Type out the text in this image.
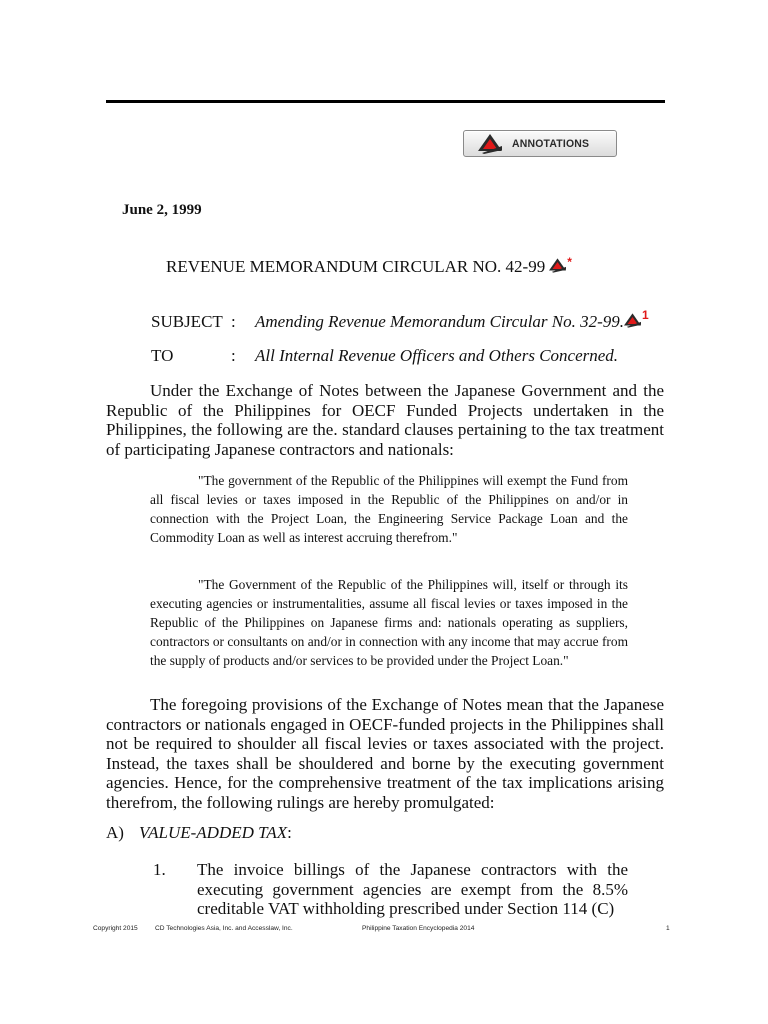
ANNOTATIONS
June 2, 1999
REVENUE MEMORANDUM CIRCULAR NO. 42-99 *
SUBJECT : Amending Revenue Memorandum Circular No. 32-99. 1
TO	: All Internal Revenue Officers and Others Concerned.

Under the Exchange of Notes between the Japanese Government and the Republic of the Philippines for OECF Funded Projects undertaken in the Philippines, the following are the. standard clauses pertaining to the tax treatment of participating Japanese contractors and nationals:

"The government of the Republic of the Philippines will exempt the Fund from all fiscal levies or taxes imposed in the Republic of the Philippines on and/or in connection with the Project Loan, the Engineering Service Package Loan and the Commodity Loan as well as interest accruing therefrom."

"The Government of the Republic of the Philippines will, itself or through its executing agencies or instrumentalities, assume all fiscal levies or taxes imposed in the Republic of the Philippines on Japanese firms and: nationals operating as suppliers, contractors or consultants on and/or in connection with any income that may accrue from the supply of products and/or services to be provided under the Project Loan."

The foregoing provisions of the Exchange of Notes mean that the Japanese contractors or nationals engaged in OECF-funded projects in the Philippines shall not be required to shoulder all fiscal levies or taxes associated with the project. Instead, the taxes shall be shouldered and borne by the executing government agencies. Hence, for the comprehensive treatment of the tax implications arising therefrom, the following rulings are hereby promulgated:

A) VALUE-ADDED TAX:
1. The invoice billings of the Japanese contractors with the executing government agencies are exempt from the 8.5% creditable VAT withholding prescribed under Section 114 (C)

Copyright 2015	CD Technologies Asia, Inc. and Accesslaw, Inc.	Philippine Taxation Encyclopedia 2014	1
